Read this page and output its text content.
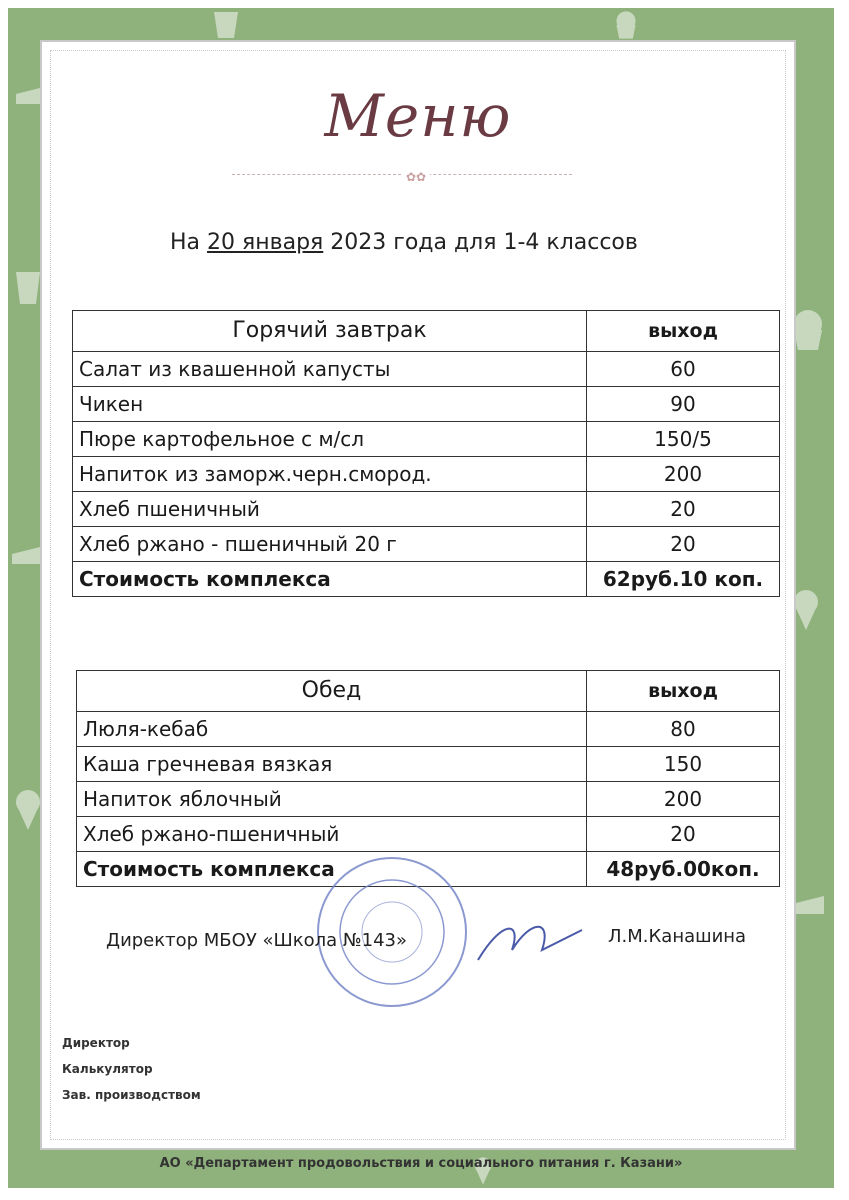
Меню
✿✿
На 20 января 2023 года для 1-4 классов
Горячий завтрак	выход
Салат из квашенной капусты	60
Чикен	90
Пюре картофельное с м/сл	150/5
Напиток из заморж.черн.смород.	200
Хлеб пшеничный	20
Хлеб ржано - пшеничный 20 г	20
Стоимость комплекса	62руб.10 коп.
Обед	выход
Люля-кебаб	80
Каша гречневая вязкая	150
Напиток яблочный	200
Хлеб ржано-пшеничный	20
Стоимость комплекса	48руб.00коп.
Директор МБОУ «Школа №143»	Л.М.Канашина
Директор
Калькулятор
Зав. производством
АО «Департамент продовольствия и социального питания г. Казани»
